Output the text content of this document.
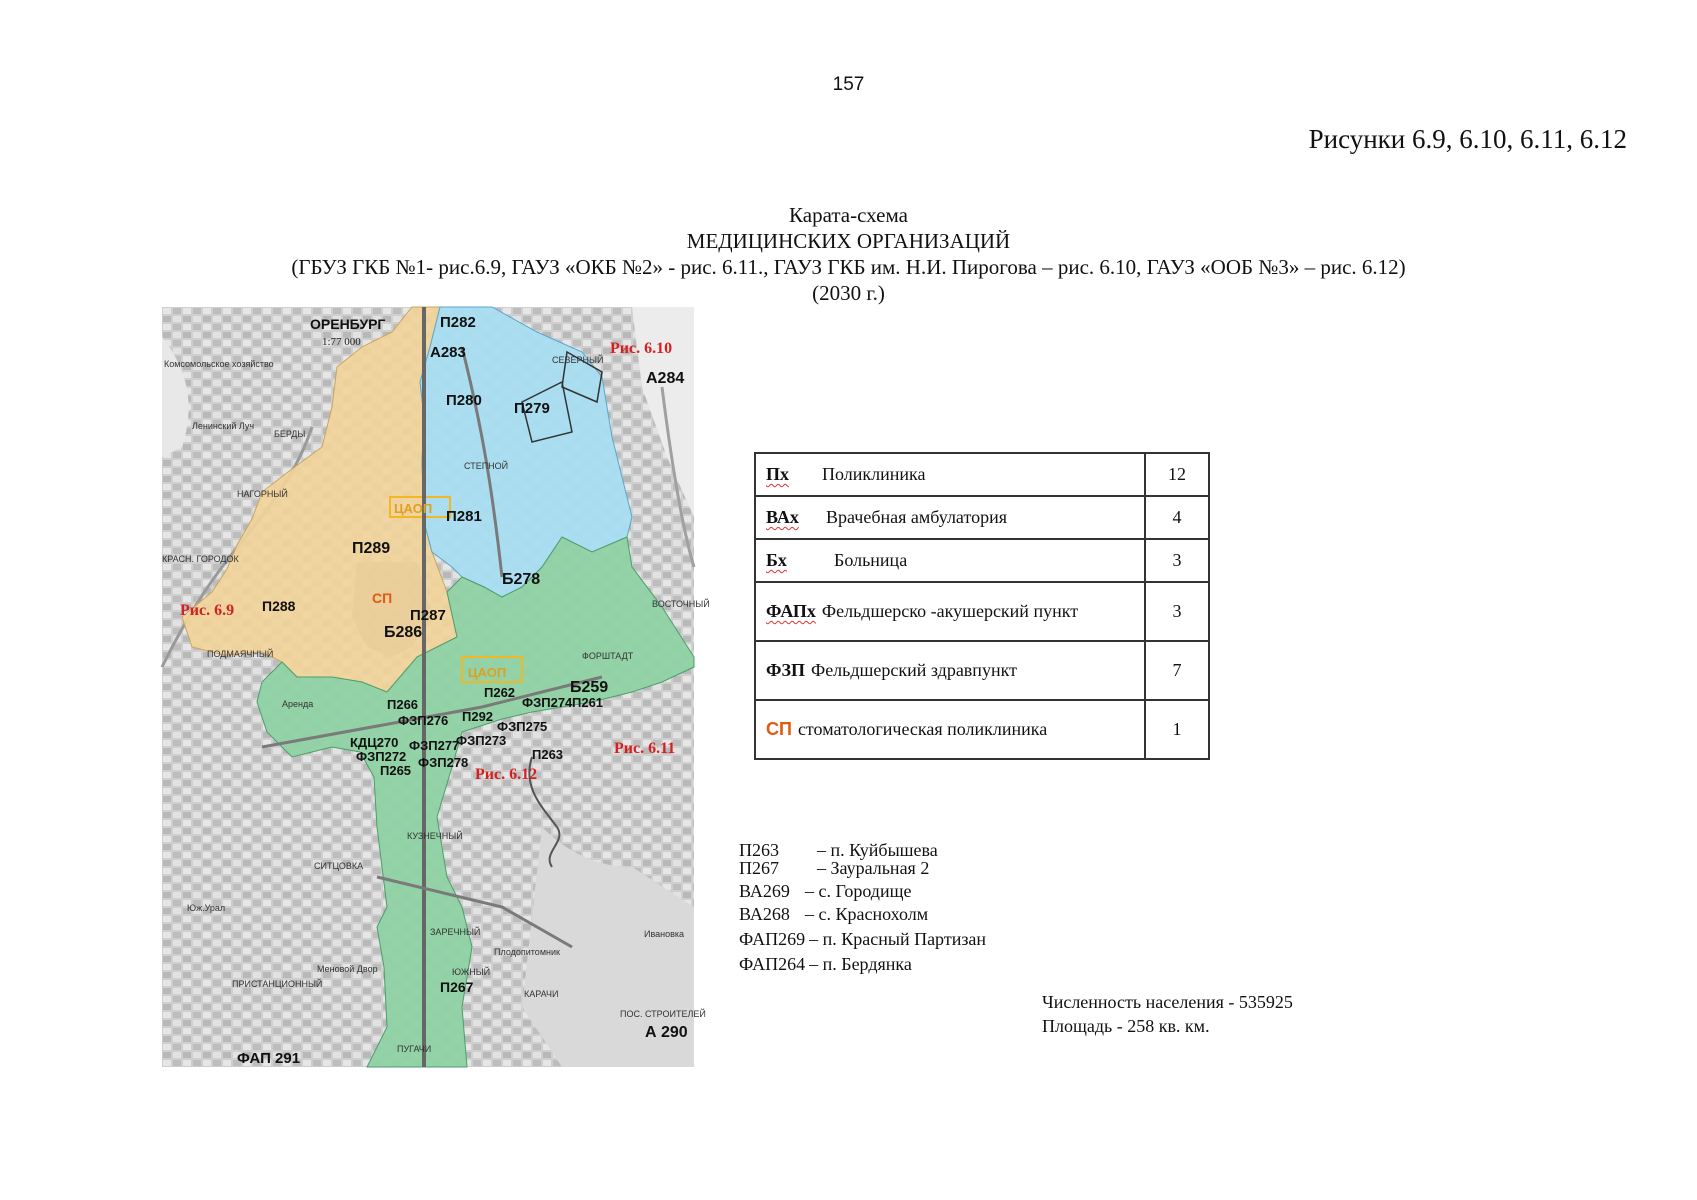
157
Рисунки 6.9, 6.10, 6.11, 6.12
Карата-схема
МЕДИЦИНСКИХ ОРГАНИЗАЦИЙ
(ГБУЗ ГКБ №1- рис.6.9, ГАУЗ «ОКБ №2» - рис. 6.11., ГАУЗ ГКБ им. Н.И. Пирогова – рис. 6.10, ГАУЗ «ООБ №3» – рис. 6.12)
(2030 г.)
ОРЕНБУРГ
1:77 000
Комсомольское хозяйство
Ленинский Луч
БЕРДЫ
НАГОРНЫЙ
КРАСН. ГОРОДОК
ПОДМАЯЧНЫЙ
СЕВЕРНЫЙ
СТЕПНОЙ
ВОСТОЧНЫЙ
ФОРШТАДТ
КУЗНЕЧНЫЙ
СИТЦОВКА
Юж.Урал
ЗАРЕЧНЫЙ
ПРИСТАНЦИОННЫЙ
Меновой Двор
Плодопитомник
Ивановка
ЮЖНЫЙ
КАРАЧИ
ПОС. СТРОИТЕЛЕЙ
ПУГАЧИ
Аренда
Рис. 6.10
Рис. 6.9
Рис. 6.11
Рис. 6.12
ЦАОП
ЦАОП
СП
П282
А283
А284
П280 П279
П281
П289
Б278
П288
П287
Б286
П266
ФЗП276 П292
П262
ФЗП274
Б259
П261
ФЗП275
КДЦ270
ФЗП272
ФЗП277
ФЗП273
ФЗП278
П265
П263
П267
А 290
ФАП 291
Пх Поликлиника	12
ВАх Врачебная амбулатория	4
Бх Больница	3
ФАПх Фельдшерско -акушерский пункт	3
ФЗП Фельдшерский здравпункт	7
СП стоматологическая поликлиника	1
П263 – п. Куйбышева
П267 – Зауральная 2
ВА269 – с. Городище
ВА268 – с. Краснохолм
ФАП269 – п. Красный Партизан
ФАП264 – п. Бердянка
Численность населения - 535925
Площадь - 258 кв. км.
